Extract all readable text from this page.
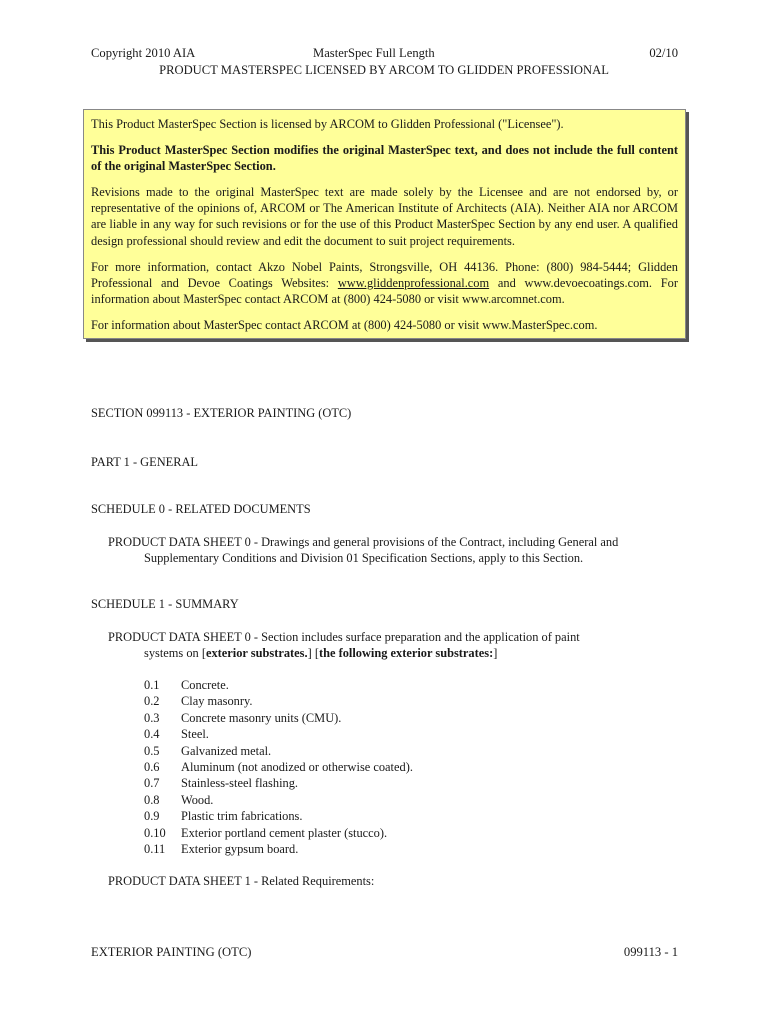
Copyright 2010 AIA	MasterSpec Full Length	02/10
PRODUCT MASTERSPEC LICENSED BY ARCOM TO GLIDDEN PROFESSIONAL

This Product MasterSpec Section is licensed by ARCOM to Glidden Professional ("Licensee").

This Product MasterSpec Section modifies the original MasterSpec text, and does not include the full content of the original MasterSpec Section.

Revisions made to the original MasterSpec text are made solely by the Licensee and are not endorsed by, or representative of the opinions of, ARCOM or The American Institute of Architects (AIA). Neither AIA nor ARCOM are liable in any way for such revisions or for the use of this Product MasterSpec Section by any end user. A qualified design professional should review and edit the document to suit project requirements.

For more information, contact Akzo Nobel Paints, Strongsville, OH 44136. Phone: (800) 984-5444; Glidden Professional and Devoe Coatings Websites: www.gliddenprofessional.com and www.devoecoatings.com. For information about MasterSpec contact ARCOM at (800) 424-5080 or visit www.arcomnet.com.

For information about MasterSpec contact ARCOM at (800) 424-5080 or visit www.MasterSpec.com.

SECTION 099113 - EXTERIOR PAINTING (OTC)
PART 1 - GENERAL
SCHEDULE 0 - RELATED DOCUMENTS
PRODUCT DATA SHEET 0 - Drawings and general provisions of the Contract, including General and
Supplementary Conditions and Division 01 Specification Sections, apply to this Section.
SCHEDULE 1 - SUMMARY
PRODUCT DATA SHEET 0 - Section includes surface preparation and the application of paint
systems on [exterior substrates.] [the following exterior substrates:]
0.1	Concrete.
0.2	Clay masonry.
0.3	Concrete masonry units (CMU).
0.4	Steel.
0.5	Galvanized metal.
0.6	Aluminum (not anodized or otherwise coated).
0.7	Stainless-steel flashing.
0.8	Wood.
0.9	Plastic trim fabrications.
0.10	Exterior portland cement plaster (stucco).
0.11	Exterior gypsum board.
PRODUCT DATA SHEET 1 - Related Requirements:
EXTERIOR PAINTING (OTC)	099113 - 1
